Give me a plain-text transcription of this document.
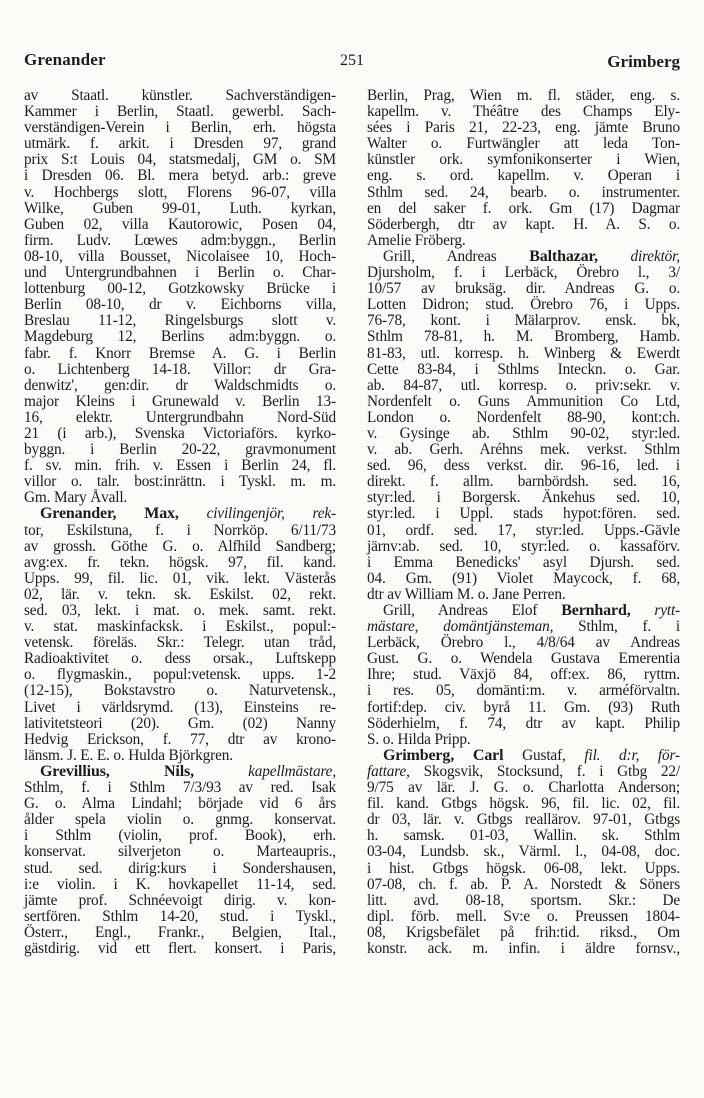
Grenander	251	Grimberg
av Staatl. künstler. Sachverständigen-
Kammer i Berlin, Staatl. gewerbl. Sach-
verständigen-Verein i Berlin, erh. högsta
utmärk. f. arkit. i Dresden 97, grand
prix S:t Louis 04, statsmedalj, GM o. SM
i Dresden 06. Bl. mera betyd. arb.: greve
v. Hochbergs slott, Florens 96-07, villa
Wilke, Guben 99-01, Luth. kyrkan,
Guben 02, villa Kautorowic, Posen 04,
firm. Ludv. Lœwes adm:byggn., Berlin
08-10, villa Bousset, Nicolaisee 10, Hoch-
und Untergrundbahnen i Berlin o. Char-
lottenburg 00-12, Gotzkowsky Brücke i
Berlin 08-10, dr v. Eichborns villa,
Breslau 11-12, Ringelsburgs slott v.
Magdeburg 12, Berlins adm:byggn. o.
fabr. f. Knorr Bremse A. G. i Berlin
o. Lichtenberg 14-18. Villor: dr Gra-
denwitz', gen:dir. dr Waldschmidts o.
major Kleins i Grunewald v. Berlin 13-
16, elektr. Untergrundbahn Nord-Süd
21 (i arb.), Svenska Victoriaförs. kyrko-
byggn. i Berlin 20-22, gravmonument
f. sv. min. frih. v. Essen i Berlin 24, fl.
villor o. talr. bost:inrättn. i Tyskl. m. m.
Gm. Mary Åvall.
Grenander, Max, civilingenjör, rek-
tor, Eskilstuna, f. i Norrköp. 6/11/73
av grossh. Göthe G. o. Alfhild Sandberg;
avg:ex. fr. tekn. högsk. 97, fil. kand.
Upps. 99, fil. lic. 01, vik. lekt. Västerås
02, lär. v. tekn. sk. Eskilst. 02, rekt.
sed. 03, lekt. i mat. o. mek. samt. rekt.
v. stat. maskinfacksk. i Eskilst., popul:-
vetensk. föreläs. Skr.: Telegr. utan tråd,
Radioaktivitet o. dess orsak., Luftskepp
o. flygmaskin., popul:vetensk. upps. 1-2
(12-15), Bokstavstro o. Naturvetensk.,
Livet i världsrymd. (13), Einsteins re-
lativitetsteori (20). Gm. (02) Nanny
Hedvig Erickson, f. 77, dtr av krono-
länsm. J. E. E. o. Hulda Björkgren.
Grevillius, Nils,	kapellmästare,
Sthlm, f. i Sthlm 7/3/93 av red. Isak
G. o. Alma Lindahl; började vid 6 års
ålder spela violin o. gnmg. konservat.
i Sthlm (violin, prof. Book), erh.
konservat. silverjeton o. Marteaupris.,
stud. sed. dirig:kurs i Sondershausen,
i:e violin. i K. hovkapellet 11-14, sed.
jämte prof. Schnéevoigt dirig. v. kon-
sertfören. Sthlm 14-20, stud. i Tyskl.,
Österr., Engl., Frankr., Belgien, Ital.,
gästdirig. vid ett flert. konsert. i Paris,
Berlin, Prag, Wien m. fl. städer, eng. s.
kapellm. v. Théâtre des Champs Ely-
sées i Paris 21, 22-23, eng. jämte Bruno
Walter o. Furtwängler att leda Ton-
künstler ork. symfonikonserter i Wien,
eng. s. ord. kapellm. v. Operan i
Sthlm sed. 24, bearb. o. instrumenter.
en del saker f. ork. Gm (17) Dagmar
Söderbergh, dtr av kapt. H. A. S. o.
Amelie Fröberg.
Grill, Andreas Balthazar, direktör,
Djursholm, f. i Lerbäck, Örebro l., 3/
10/57 av bruksäg. dir. Andreas G. o.
Lotten Didron; stud. Örebro 76, i Upps.
76-78, kont. i Mälarprov. ensk. bk,
Sthlm 78-81, h. M. Bromberg, Hamb.
81-83, utl. korresp. h. Winberg & Ewerdt
Cette 83-84, i Sthlms Inteckn. o. Gar.
ab. 84-87, utl. korresp. o. priv:sekr. v.
Nordenfelt o. Guns Ammunition Co Ltd,
London o. Nordenfelt 88-90, kont:ch.
v. Gysinge ab. Sthlm 90-02, styr:led.
v. ab. Gerh. Aréhns mek. verkst. Sthlm
sed. 96, dess verkst. dir. 96-16, led. i
direkt. f. allm. barnbördsh. sed. 16,
styr:led. i Borgersk. Änkehus sed. 10,
styr:led. i Uppl. stads hypot:fören. sed.
01, ordf. sed. 17, styr:led. Upps.-Gävle
järnv:ab. sed. 10, styr:led. o. kassaförv.
i Emma Benedicks' asyl Djursh. sed.
04. Gm. (91) Violet Maycock, f. 68,
dtr av William M. o. Jane Perren.
Grill, Andreas Elof Bernhard, rytt-
mästare, domäntjänsteman, Sthlm, f. i
Lerbäck, Örebro l., 4/8/64 av Andreas
Gust. G. o. Wendela Gustava Emerentia
Ihre; stud. Växjö 84, off:ex. 86, ryttm.
i res. 05, domänti:m. v. arméförvaltn.
fortif:dep. civ. byrå 11. Gm. (93) Ruth
Söderhielm, f. 74, dtr av kapt. Philip
S. o. Hilda Pripp.
Grimberg, Carl Gustaf, fil. d:r, för-
fattare, Skogsvik, Stocksund, f. i Gtbg 22/
9/75 av lär. J. G. o. Charlotta Anderson;
fil. kand. Gtbgs högsk. 96, fil. lic. 02, fil.
dr 03, lär. v. Gtbgs reallärov. 97-01, Gtbgs
h. samsk. 01-03, Wallin. sk. Sthlm
03-04, Lundsb. sk., Värml. l., 04-08, doc.
i hist. Gtbgs högsk. 06-08, lekt. Upps.
07-08, ch. f. ab. P. A. Norstedt & Söners
litt. avd. 08-18, sportsm. Skr.: De
dipl. förb. mell. Sv:e o. Preussen 1804-
08, Krigsbefälet på frih:tid. riksd., Om
konstr. ack. m. infin. i äldre fornsv.,
